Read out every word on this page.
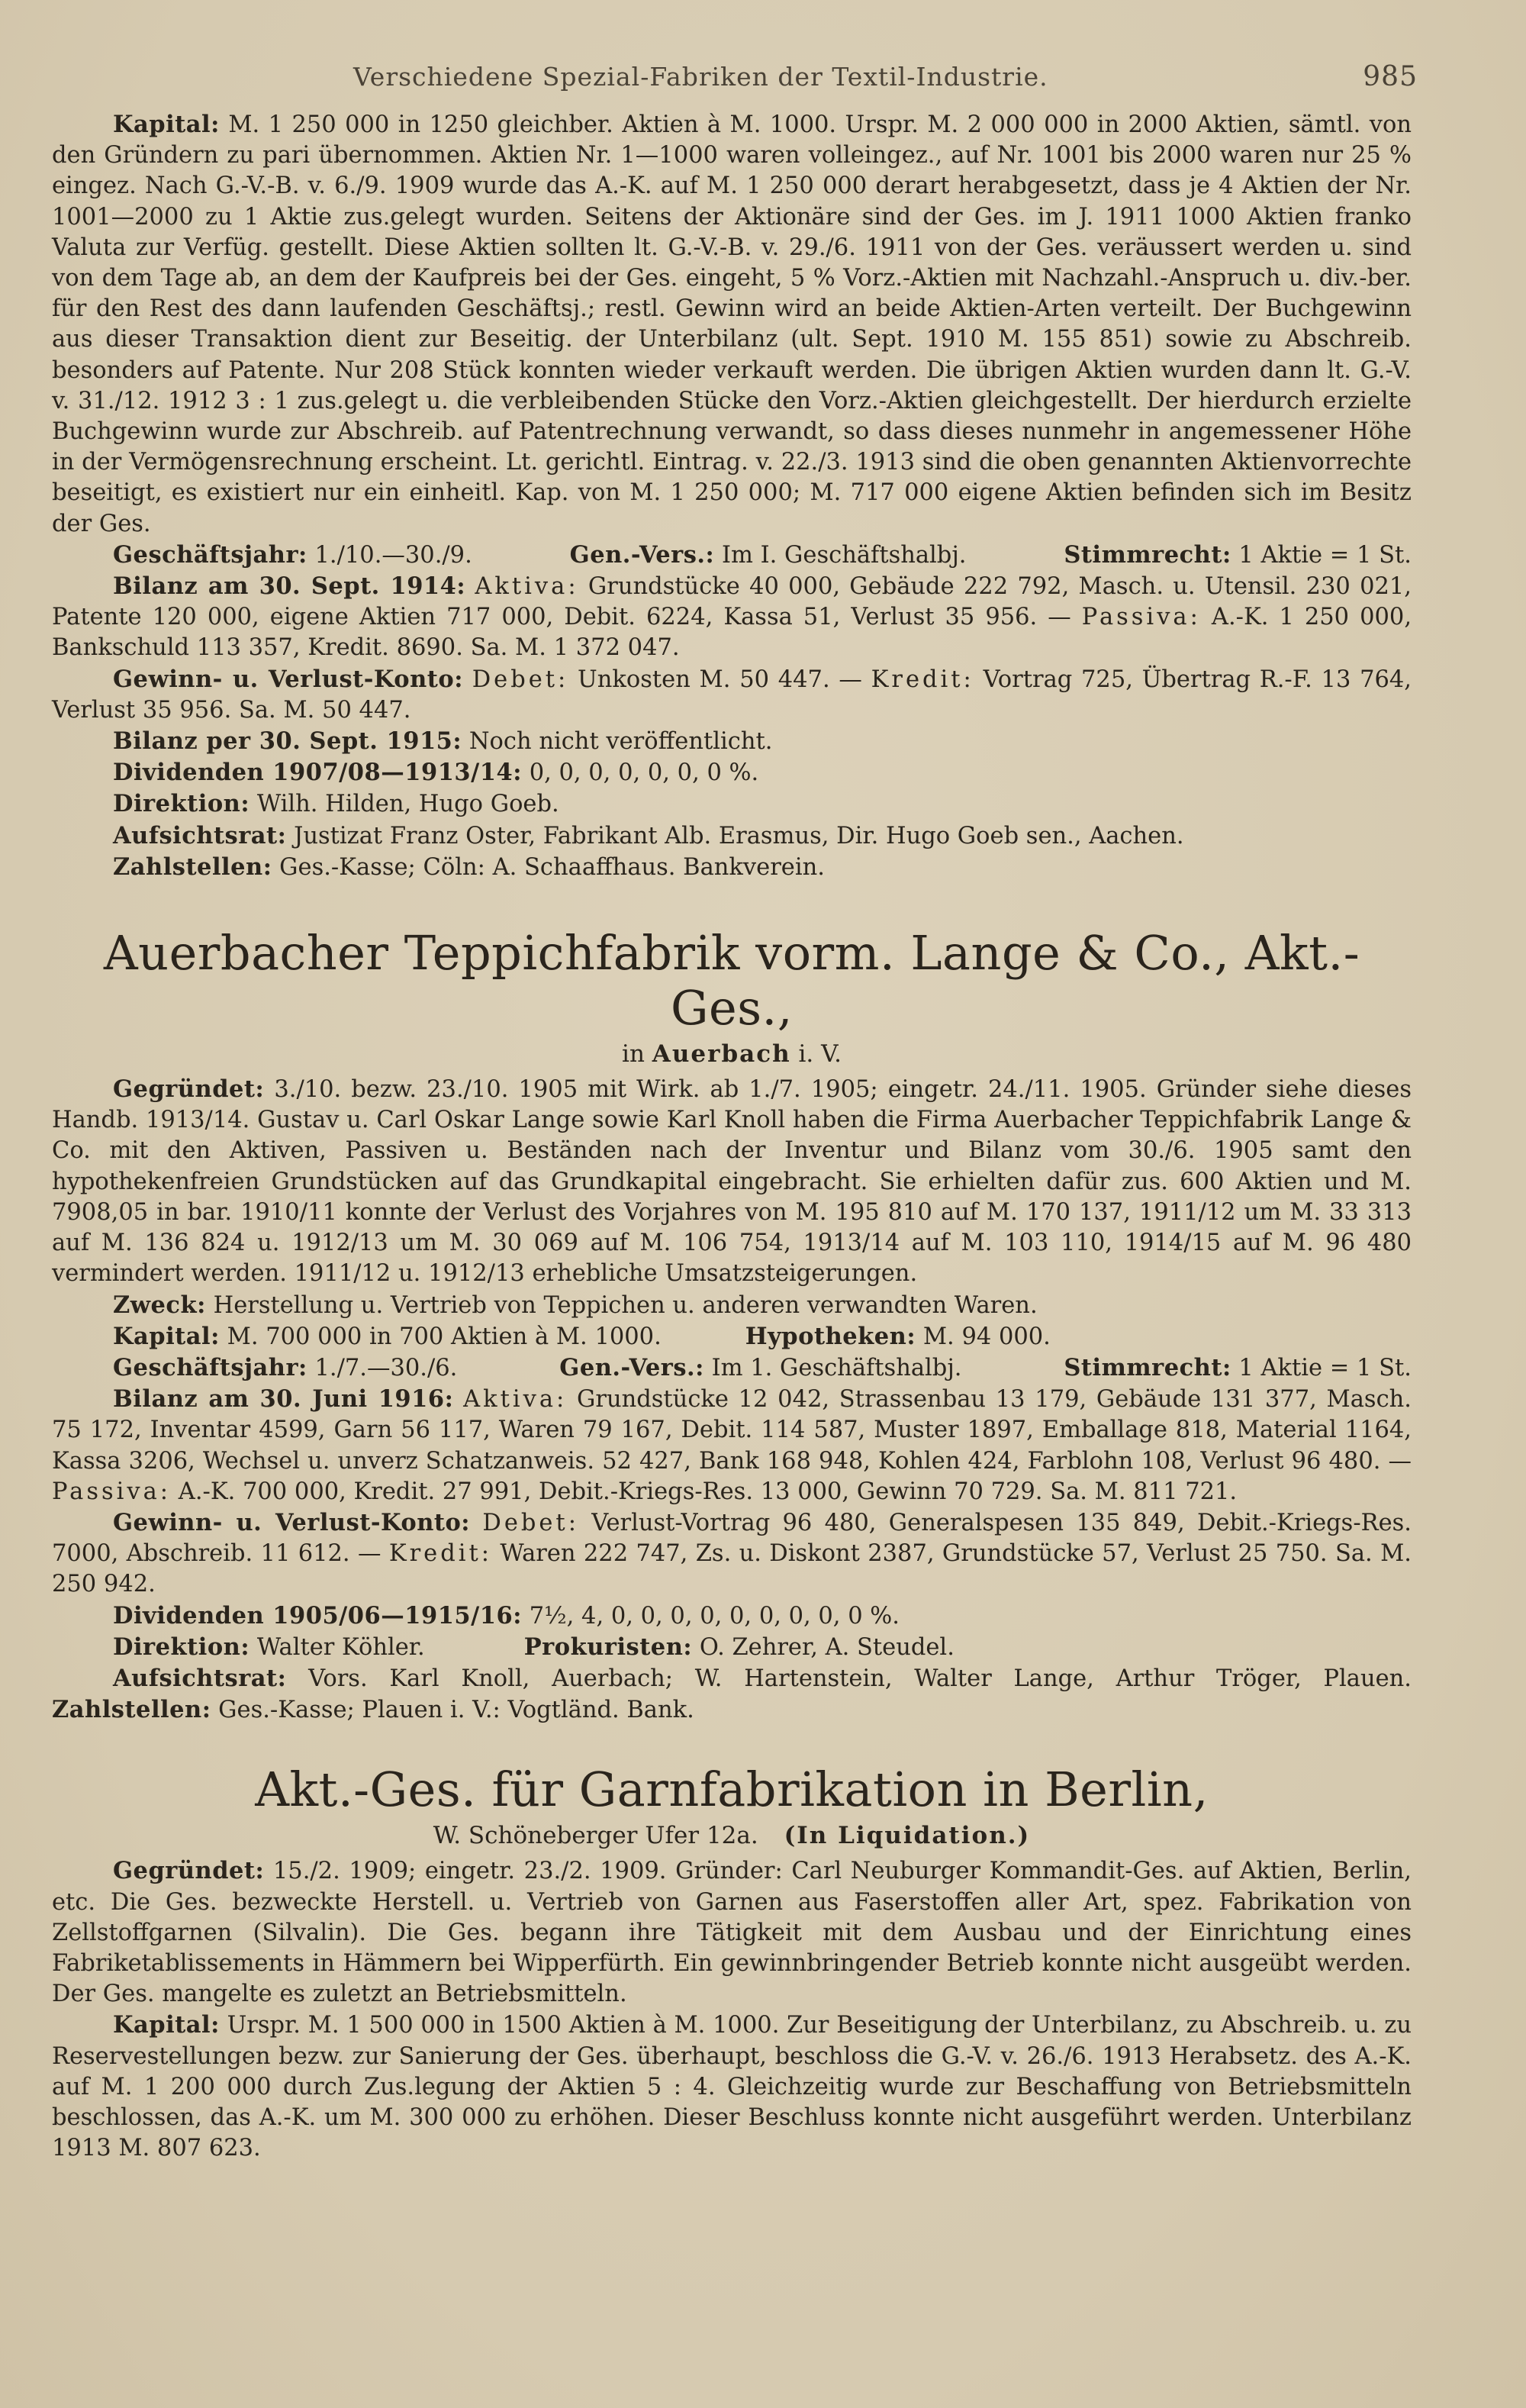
Verschiedene Spezial-Fabriken der Textil-Industrie.	985

Kapital: M. 1 250 000 in 1250 gleichber. Aktien à M. 1000. Urspr. M. 2 000 000 in 2000 Aktien, sämtl. von den Gründern zu pari übernommen. Aktien Nr. 1—1000 waren volleingez., auf Nr. 1001 bis 2000 waren nur 25 % eingez. Nach G.-V.-B. v. 6./9. 1909 wurde das A.-K. auf M. 1 250 000 derart herabgesetzt, dass je 4 Aktien der Nr. 1001—2000 zu 1 Aktie zus.gelegt wurden. Seitens der Aktionäre sind der Ges. im J. 1911 1000 Aktien franko Valuta zur Verfüg. gestellt. Diese Aktien sollten lt. G.-V.-B. v. 29./6. 1911 von der Ges. veräussert werden u. sind von dem Tage ab, an dem der Kaufpreis bei der Ges. eingeht, 5 % Vorz.-Aktien mit Nachzahl.-Anspruch u. div.-ber. für den Rest des dann laufenden Geschäftsj.; restl. Gewinn wird an beide Aktien-Arten verteilt. Der Buchgewinn aus dieser Transaktion dient zur Beseitig. der Unterbilanz (ult. Sept. 1910 M. 155 851) sowie zu Abschreib. besonders auf Patente. Nur 208 Stück konnten wieder verkauft werden. Die übrigen Aktien wurden dann lt. G.-V. v. 31./12. 1912 3 : 1 zus.gelegt u. die verbleibenden Stücke den Vorz.-Aktien gleichgestellt. Der hierdurch erzielte Buchgewinn wurde zur Abschreib. auf Patentrechnung verwandt, so dass dieses nunmehr in angemessener Höhe in der Vermögensrechnung erscheint. Lt. gerichtl. Eintrag. v. 22./3. 1913 sind die oben genannten Aktienvorrechte beseitigt, es existiert nur ein einheitl. Kap. von M. 1 250 000; M. 717 000 eigene Aktien befinden sich im Besitz der Ges.

Geschäftsjahr: 1./10.—30./9.	Gen.-Vers.: Im I. Geschäftshalbj.	Stimmrecht: 1 Aktie = 1 St.

Bilanz am 30. Sept. 1914: Aktiva: Grundstücke 40 000, Gebäude 222 792, Masch. u. Utensil. 230 021, Patente 120 000, eigene Aktien 717 000, Debit. 6224, Kassa 51, Verlust 35 956. — Passiva: A.-K. 1 250 000, Bankschuld 113 357, Kredit. 8690. Sa. M. 1 372 047.

Gewinn- u. Verlust-Konto: Debet: Unkosten M. 50 447. — Kredit: Vortrag 725, Übertrag R.-F. 13 764, Verlust 35 956. Sa. M. 50 447.

Bilanz per 30. Sept. 1915: Noch nicht veröffentlicht.

Dividenden 1907/08—1913/14: 0, 0, 0, 0, 0, 0, 0 %.

Direktion: Wilh. Hilden, Hugo Goeb.

Aufsichtsrat: Justizat Franz Oster, Fabrikant Alb. Erasmus, Dir. Hugo Goeb sen., Aachen.

Zahlstellen: Ges.-Kasse; Cöln: A. Schaaffhaus. Bankverein.

Auerbacher Teppichfabrik vorm. Lange & Co., Akt.-Ges.,
in Auerbach i. V.

Gegründet: 3./10. bezw. 23./10. 1905 mit Wirk. ab 1./7. 1905; eingetr. 24./11. 1905. Gründer siehe dieses Handb. 1913/14. Gustav u. Carl Oskar Lange sowie Karl Knoll haben die Firma Auerbacher Teppichfabrik Lange & Co. mit den Aktiven, Passiven u. Beständen nach der Inventur und Bilanz vom 30./6. 1905 samt den hypothekenfreien Grundstücken auf das Grundkapital eingebracht. Sie erhielten dafür zus. 600 Aktien und M. 7908,05 in bar. 1910/11 konnte der Verlust des Vorjahres von M. 195 810 auf M. 170 137, 1911/12 um M. 33 313 auf M. 136 824 u. 1912/13 um M. 30 069 auf M. 106 754, 1913/14 auf M. 103 110, 1914/15 auf M. 96 480 vermindert werden. 1911/12 u. 1912/13 erhebliche Umsatzsteigerungen.

Zweck: Herstellung u. Vertrieb von Teppichen u. anderen verwandten Waren.

Kapital: M. 700 000 in 700 Aktien à M. 1000.	Hypotheken: M. 94 000.
Geschäftsjahr: 1./7.—30./6.	Gen.-Vers.: Im 1. Geschäftshalbj.	Stimmrecht: 1 Aktie = 1 St.

Bilanz am 30. Juni 1916: Aktiva: Grundstücke 12 042, Strassenbau 13 179, Gebäude 131 377, Masch. 75 172, Inventar 4599, Garn 56 117, Waren 79 167, Debit. 114 587, Muster 1897, Emballage 818, Material 1164, Kassa 3206, Wechsel u. unverz Schatzanweis. 52 427, Bank 168 948, Kohlen 424, Farblohn 108, Verlust 96 480. — Passiva: A.-K. 700 000, Kredit. 27 991, Debit.-Kriegs-Res. 13 000, Gewinn 70 729. Sa. M. 811 721.

Gewinn- u. Verlust-Konto: Debet: Verlust-Vortrag 96 480, Generalspesen 135 849, Debit.-Kriegs-Res. 7000, Abschreib. 11 612. — Kredit: Waren 222 747, Zs. u. Diskont 2387, Grundstücke 57, Verlust 25 750. Sa. M. 250 942.

Dividenden 1905/06—1915/16: 7½, 4, 0, 0, 0, 0, 0, 0, 0, 0, 0 %.

Direktion: Walter Köhler.	Prokuristen: O. Zehrer, A. Steudel.

Aufsichtsrat: Vors. Karl Knoll, Auerbach; W. Hartenstein, Walter Lange, Arthur Tröger, Plauen. Zahlstellen: Ges.-Kasse; Plauen i. V.: Vogtländ. Bank.

Akt.-Ges. für Garnfabrikation in Berlin,
W. Schöneberger Ufer 12a. (In Liquidation.)

Gegründet: 15./2. 1909; eingetr. 23./2. 1909. Gründer: Carl Neuburger Kommandit-Ges. auf Aktien, Berlin, etc. Die Ges. bezweckte Herstell. u. Vertrieb von Garnen aus Faserstoffen aller Art, spez. Fabrikation von Zellstoffgarnen (Silvalin). Die Ges. begann ihre Tätigkeit mit dem Ausbau und der Einrichtung eines Fabriketablissements in Hämmern bei Wipperfürth. Ein gewinnbringender Betrieb konnte nicht ausgeübt werden. Der Ges. mangelte es zuletzt an Betriebsmitteln.

Kapital: Urspr. M. 1 500 000 in 1500 Aktien à M. 1000. Zur Beseitigung der Unterbilanz, zu Abschreib. u. zu Reservestellungen bezw. zur Sanierung der Ges. überhaupt, beschloss die G.-V. v. 26./6. 1913 Herabsetz. des A.-K. auf M. 1 200 000 durch Zus.legung der Aktien 5 : 4. Gleichzeitig wurde zur Beschaffung von Betriebsmitteln beschlossen, das A.-K. um M. 300 000 zu erhöhen. Dieser Beschluss konnte nicht ausgeführt werden. Unterbilanz 1913 M. 807 623.
